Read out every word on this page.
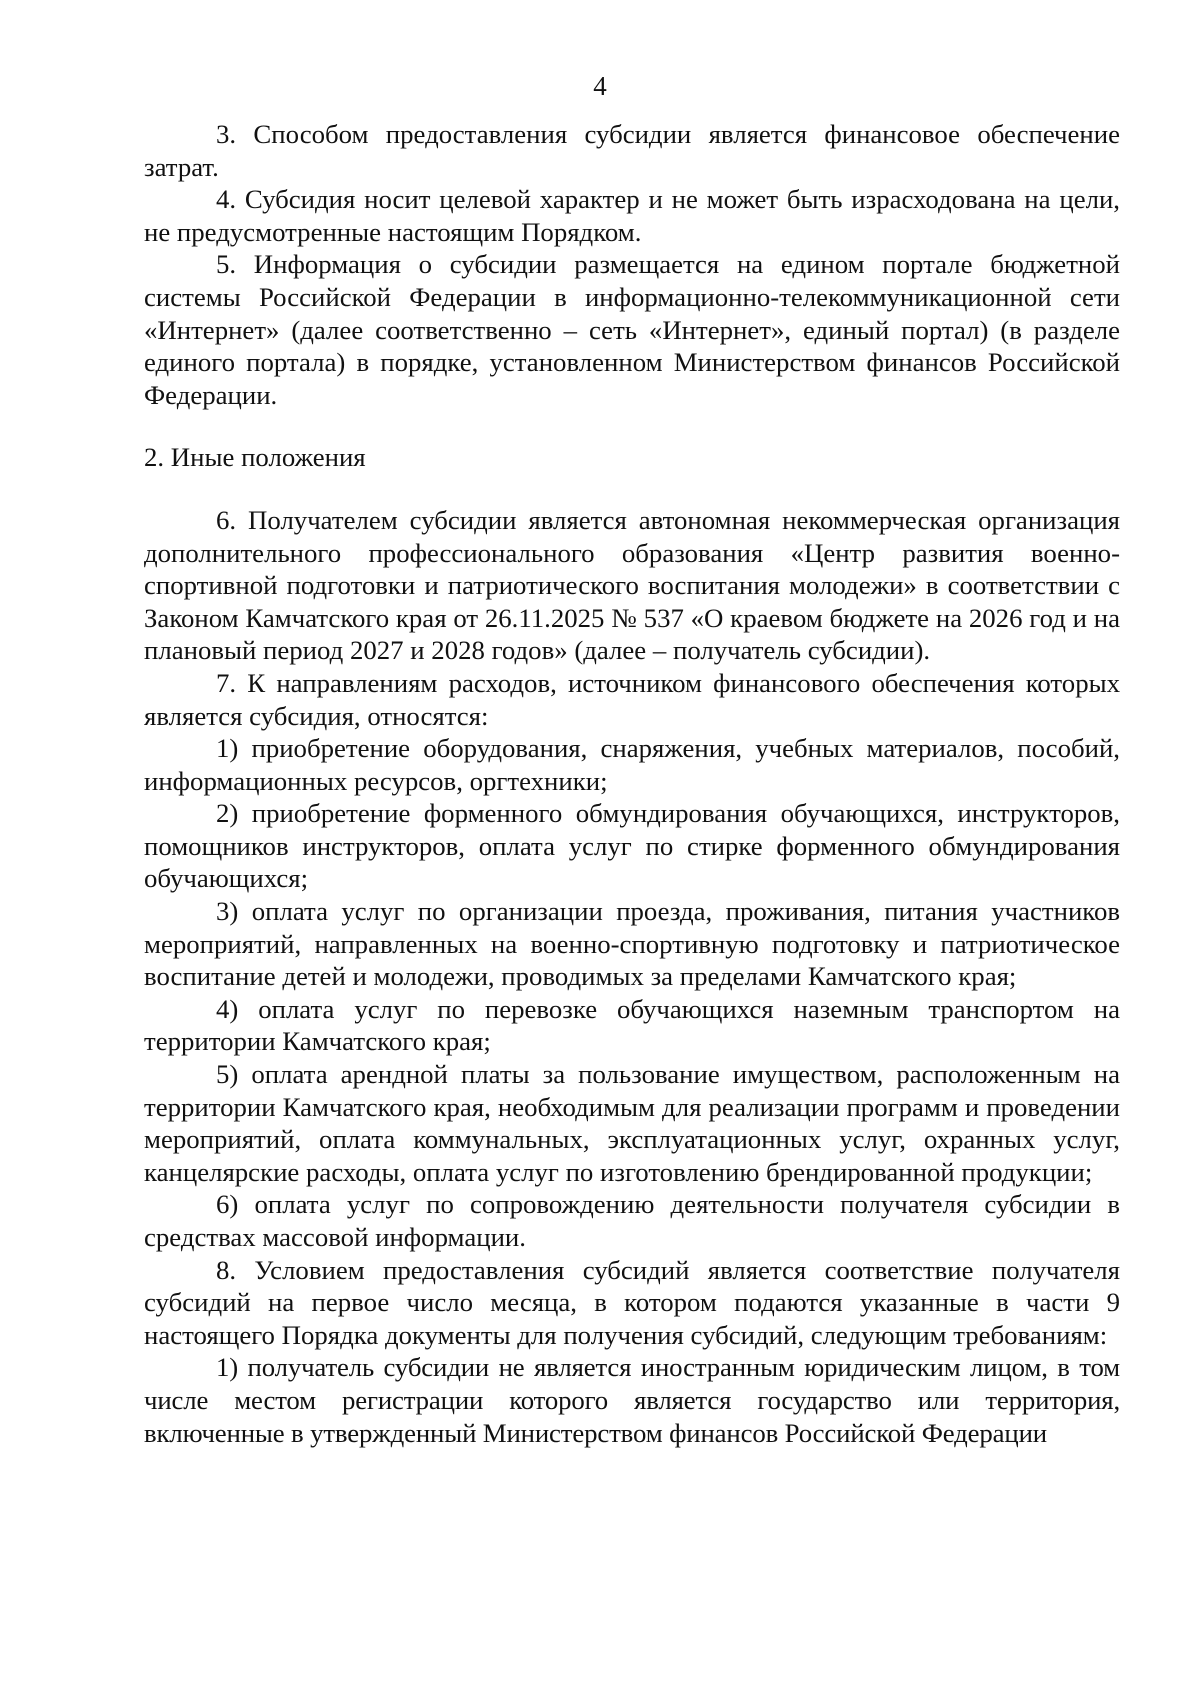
4

3. Способом предоставления субсидии является финансовое обеспечение затрат.

4. Субсидия носит целевой характер и не может быть израсходована на цели, не предусмотренные настоящим Порядком.

5. Информация о субсидии размещается на едином портале бюджетной системы Российской Федерации в информационно-телекоммуникационной сети «Интернет» (далее соответственно – сеть «Интернет», единый портал) (в разделе единого портала) в порядке, установленном Министерством финансов Российской Федерации.

2. Иные положения

6. Получателем субсидии является автономная некоммерческая организация дополнительного профессионального образования «Центр развития военно-спортивной подготовки и патриотического воспитания молодежи» в соответствии с Законом Камчатского края от 26.11.2025 № 537 «О краевом бюджете на 2026 год и на плановый период 2027 и 2028 годов» (далее – получатель субсидии).

7. К направлениям расходов, источником финансового обеспечения которых является субсидия, относятся:

1) приобретение оборудования, снаряжения, учебных материалов, пособий, информационных ресурсов, оргтехники;

2) приобретение форменного обмундирования обучающихся, инструкторов, помощников инструкторов, оплата услуг по стирке форменного обмундирования обучающихся;

3) оплата услуг по организации проезда, проживания, питания участников мероприятий, направленных на военно-спортивную подготовку и патриотическое воспитание детей и молодежи, проводимых за пределами Камчатского края;

4) оплата услуг по перевозке обучающихся наземным транспортом на территории Камчатского края;

5) оплата арендной платы за пользование имуществом, расположенным на территории Камчатского края, необходимым для реализации программ и проведении мероприятий, оплата коммунальных, эксплуатационных услуг, охранных услуг, канцелярские расходы, оплата услуг по изготовлению брендированной продукции;

6) оплата услуг по сопровождению деятельности получателя субсидии в средствах массовой информации.

8. Условием предоставления субсидий является соответствие получателя субсидий на первое число месяца, в котором подаются указанные в части 9 настоящего Порядка документы для получения субсидий, следующим требованиям:

1) получатель субсидии не является иностранным юридическим лицом, в том числе местом регистрации которого является государство или территория, включенные в утвержденный Министерством финансов Российской Федерации
